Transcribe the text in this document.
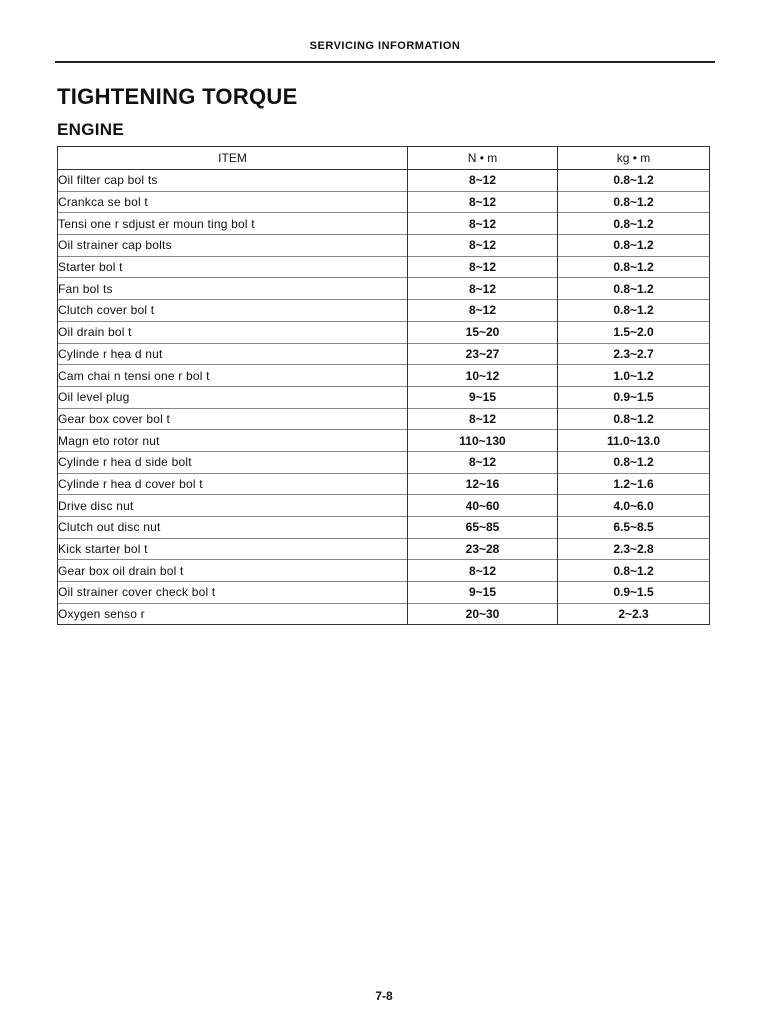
SERVICING INFORMATION
TIGHTENING TORQUE
ENGINE
ITEM	N • m	kg • m
Oil filter cap bol ts	8~12	0.8~1.2
Crankca se bol t	8~12	0.8~1.2
Tensi one r sdjust er moun ting bol t	8~12	0.8~1.2
Oil strainer cap bolts	8~12	0.8~1.2
Starter bol t	8~12	0.8~1.2
Fan bol ts	8~12	0.8~1.2
Clutch cover bol t	8~12	0.8~1.2
Oil drain bol t	15~20	1.5~2.0
Cylinde r hea d nut	23~27	2.3~2.7
Cam chai n tensi one r bol t	10~12	1.0~1.2
Oil level plug	9~15	0.9~1.5
Gear box cover bol t	8~12	0.8~1.2
Magn eto rotor nut	110~130	11.0~13.0
Cylinde r hea d side bolt	8~12	0.8~1.2
Cylinde r hea d cover bol t	12~16	1.2~1.6
Drive disc nut	40~60	4.0~6.0
Clutch out disc nut	65~85	6.5~8.5
Kick starter bol t	23~28	2.3~2.8
Gear box oil drain bol t	8~12	0.8~1.2
Oil strainer cover check bol t	9~15	0.9~1.5
Oxygen senso r	20~30	2~2.3
7-8
